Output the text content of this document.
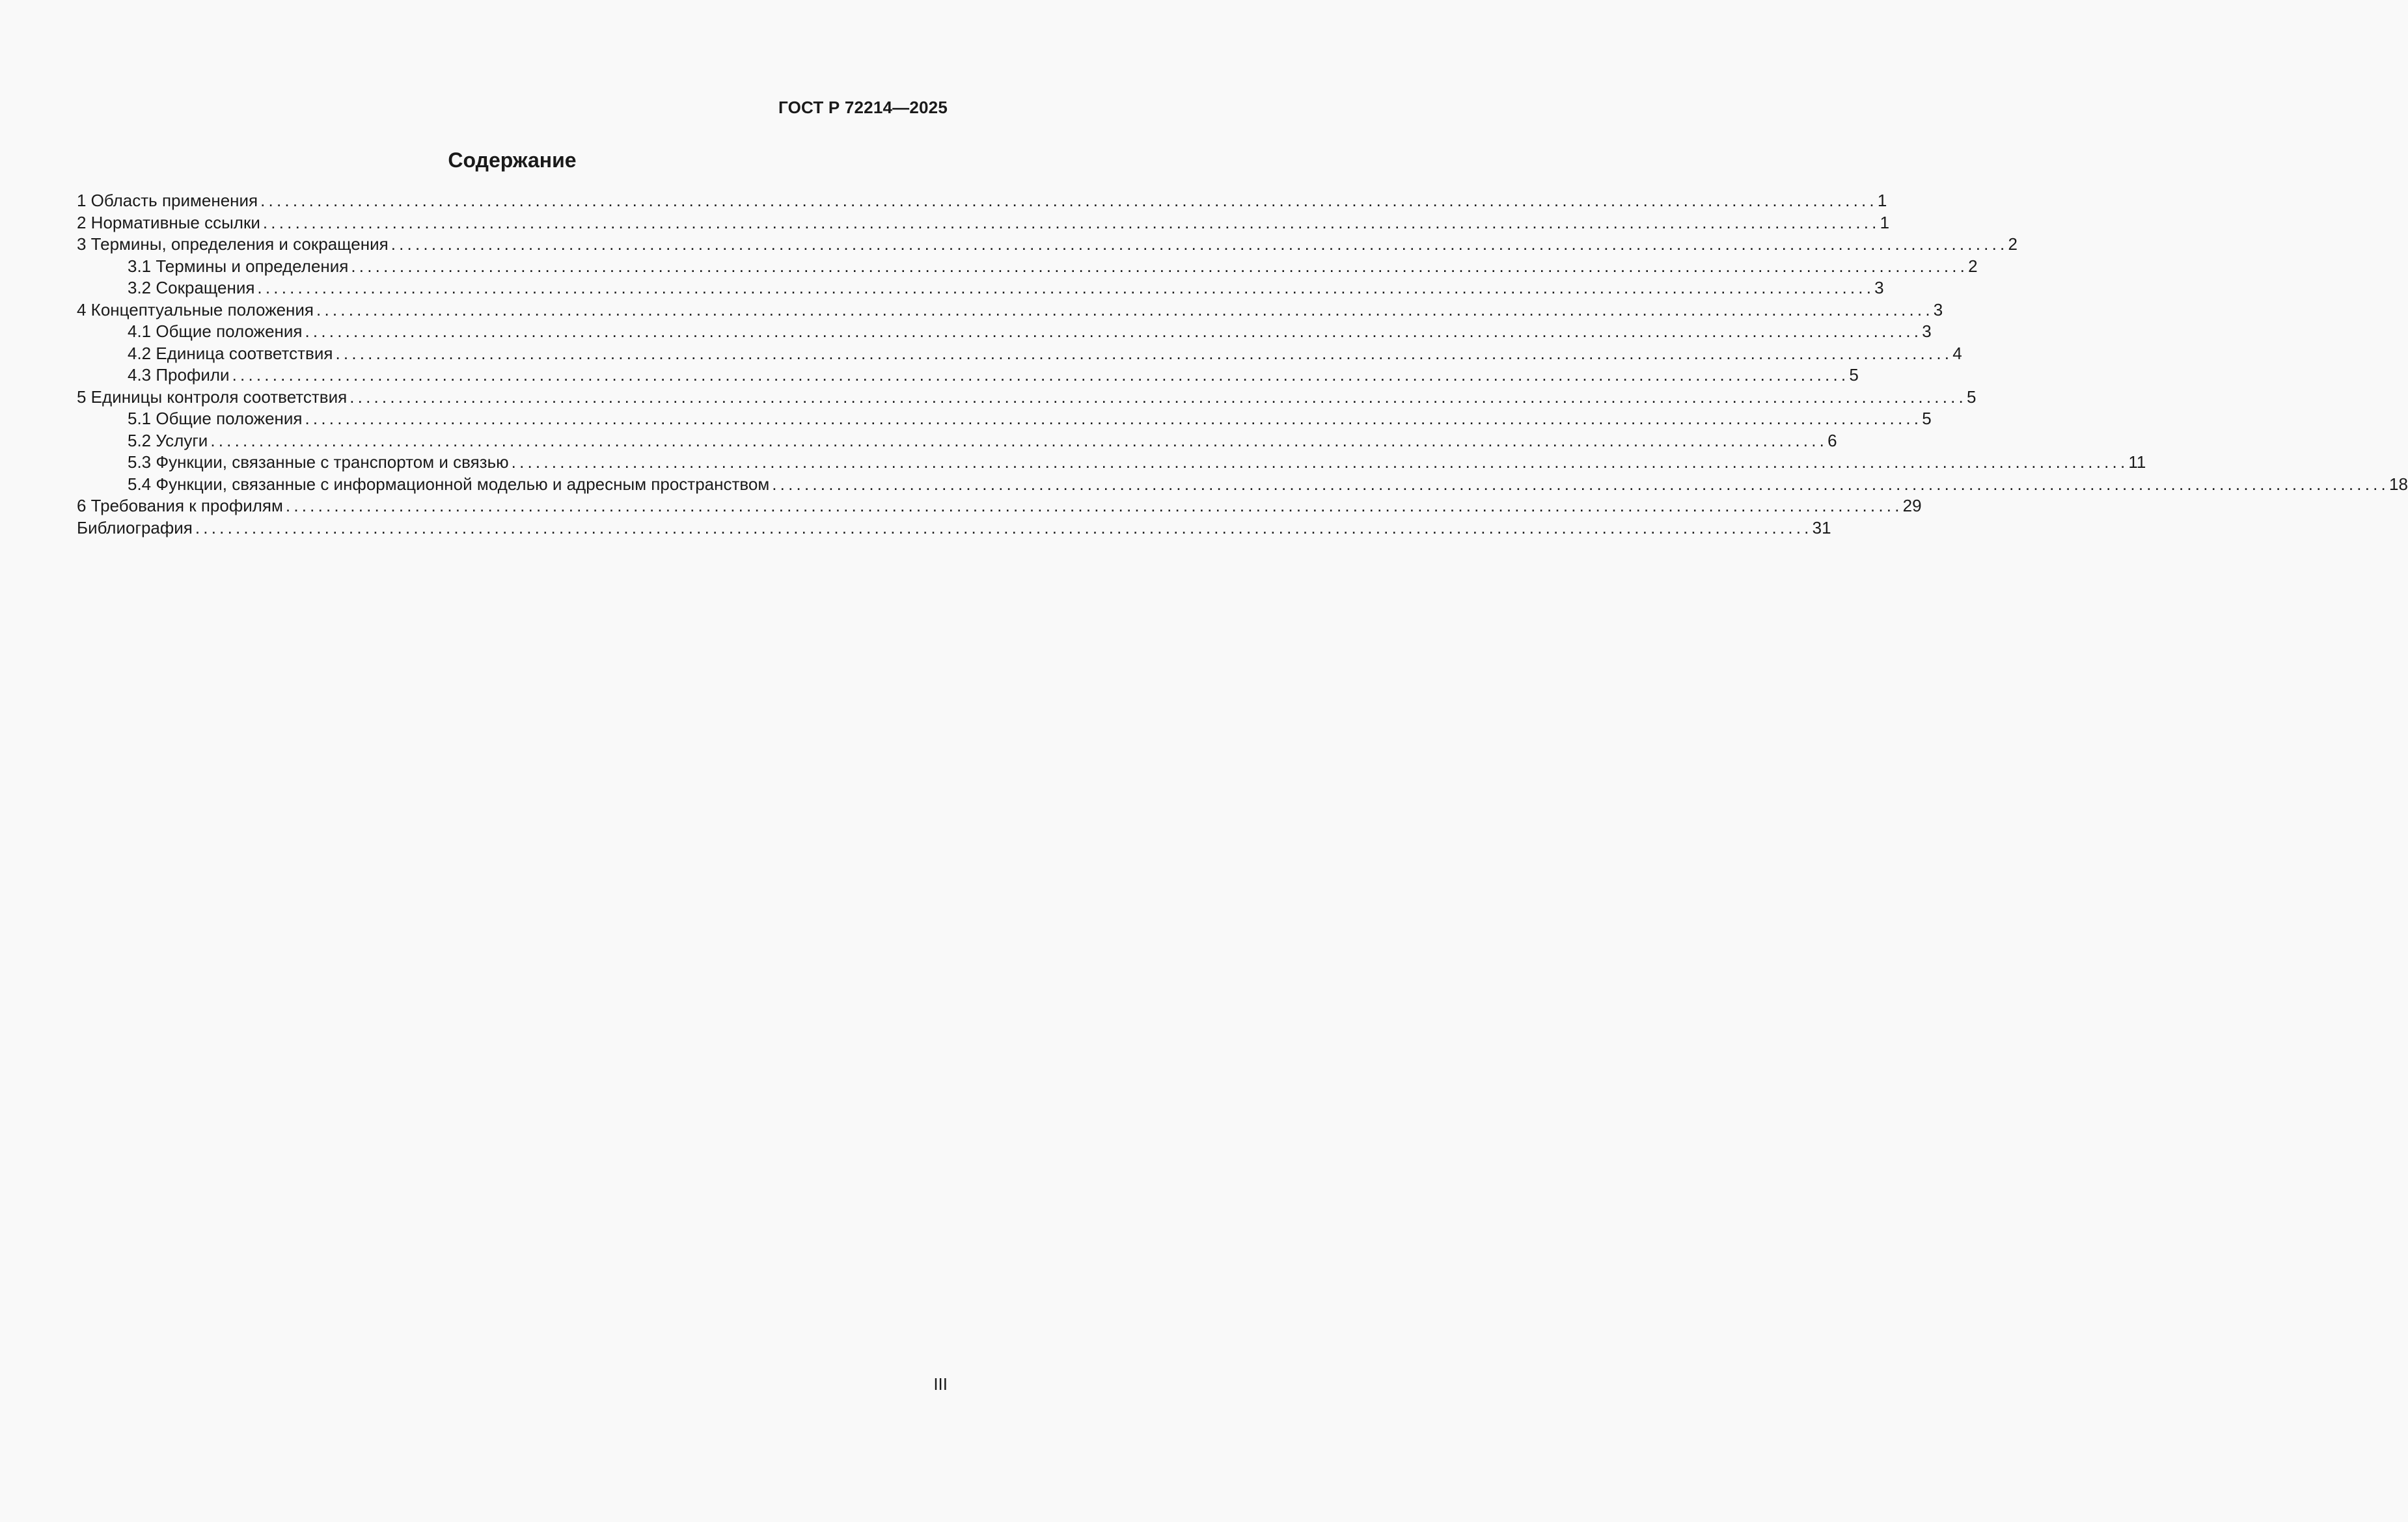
ГОСТ Р 72214—2025
Содержание
1 Область применения ........................................................................................................................................................................................................ 1
2 Нормативные ссылки ........................................................................................................................................................................................................ 1
3 Термины, определения и сокращения ........................................................................................................................................................................................................ 2
3.1 Термины и определения ........................................................................................................................................................................................................ 2
3.2 Сокращения ........................................................................................................................................................................................................ 3
4 Концептуальные положения ........................................................................................................................................................................................................ 3
4.1 Общие положения ........................................................................................................................................................................................................ 3
4.2 Единица соответствия ........................................................................................................................................................................................................ 4
4.3 Профили ........................................................................................................................................................................................................ 5
5 Единицы контроля соответствия ........................................................................................................................................................................................................ 5
5.1 Общие положения ........................................................................................................................................................................................................ 5
5.2 Услуги ........................................................................................................................................................................................................ 6
5.3 Функции, связанные с транспортом и связью ........................................................................................................................................................................................................ 11
5.4 Функции, связанные с информационной моделью и адресным пространством ........................................................................................................................................................................................................ 18
6 Требования к профилям ........................................................................................................................................................................................................ 29
Библиография ........................................................................................................................................................................................................ 31
III
